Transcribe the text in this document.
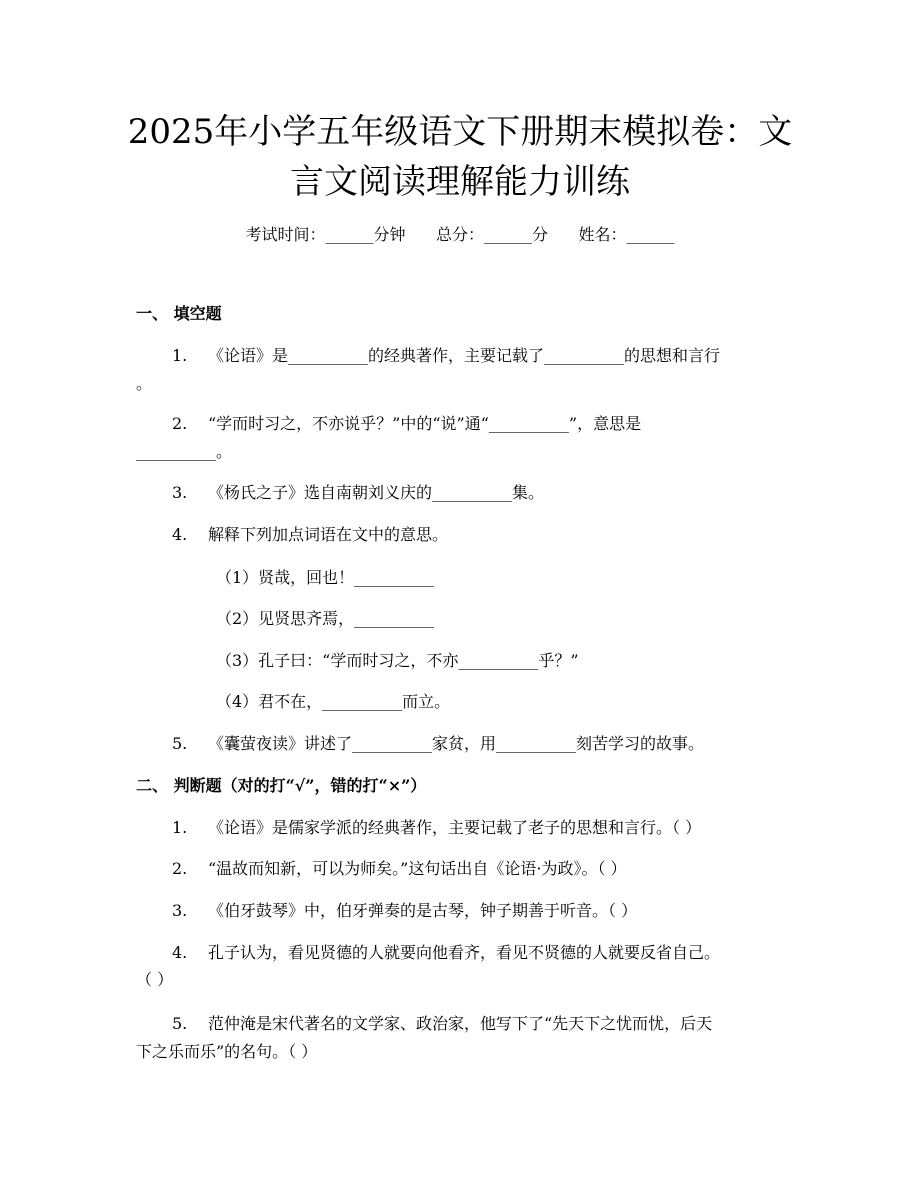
2025年小学五年级语文下册期末模拟卷：文
言文阅读理解能力训练
考试时间：______分钟      总分：______分      姓名：______
一、 填空题
1. 《论语》是__________的经典著作，主要记载了__________的思想和言行
。
2. “学而时习之，不亦说乎？”中的“说”通“__________”，意思是
__________。
3. 《杨氏之子》选自南朝刘义庆的__________集。
4. 解释下列加点词语在文中的意思。
（1）贤哉，回也！__________
（2）见贤思齐焉，__________
（3）孔子曰：“学而时习之，不亦__________乎？”
（4）君不在，__________而立。
5. 《囊萤夜读》讲述了__________家贫，用__________刻苦学习的故事。
二、 判断题（对的打“√”，错的打“×”）
1. 《论语》是儒家学派的经典著作，主要记载了老子的思想和言行。（ ）
2. “温故而知新，可以为师矣。”这句话出自《论语·为政》。（ ）
3. 《伯牙鼓琴》中，伯牙弹奏的是古琴，钟子期善于听音。（ ）
4. 孔子认为，看见贤德的人就要向他看齐，看见不贤德的人就要反省自己。
（ ）
5. 范仲淹是宋代著名的文学家、政治家，他写下了“先天下之忧而忧，后天
下之乐而乐”的名句。（ ）
